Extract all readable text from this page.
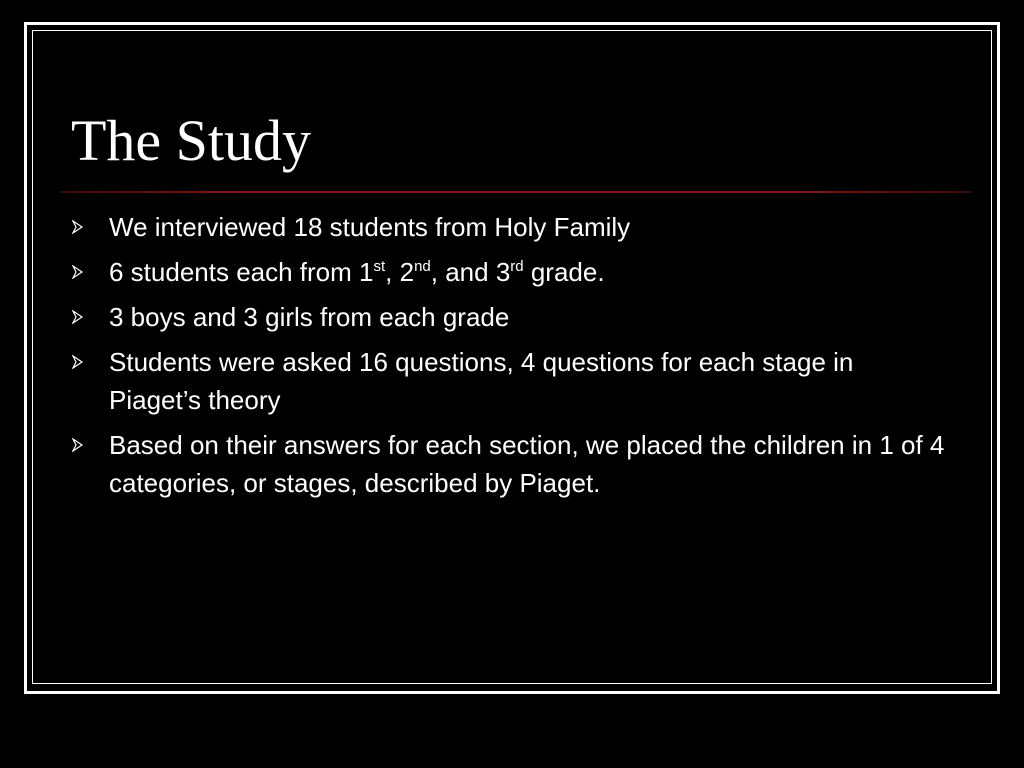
The Study
We interviewed 18 students from Holy Family
6 students each from 1st, 2nd, and 3rd grade.
3 boys and 3 girls from each grade
Students were asked 16 questions, 4 questions for each stage in Piaget’s theory
Based on their answers for each section, we placed the children in 1 of 4 categories, or stages, described by Piaget.
